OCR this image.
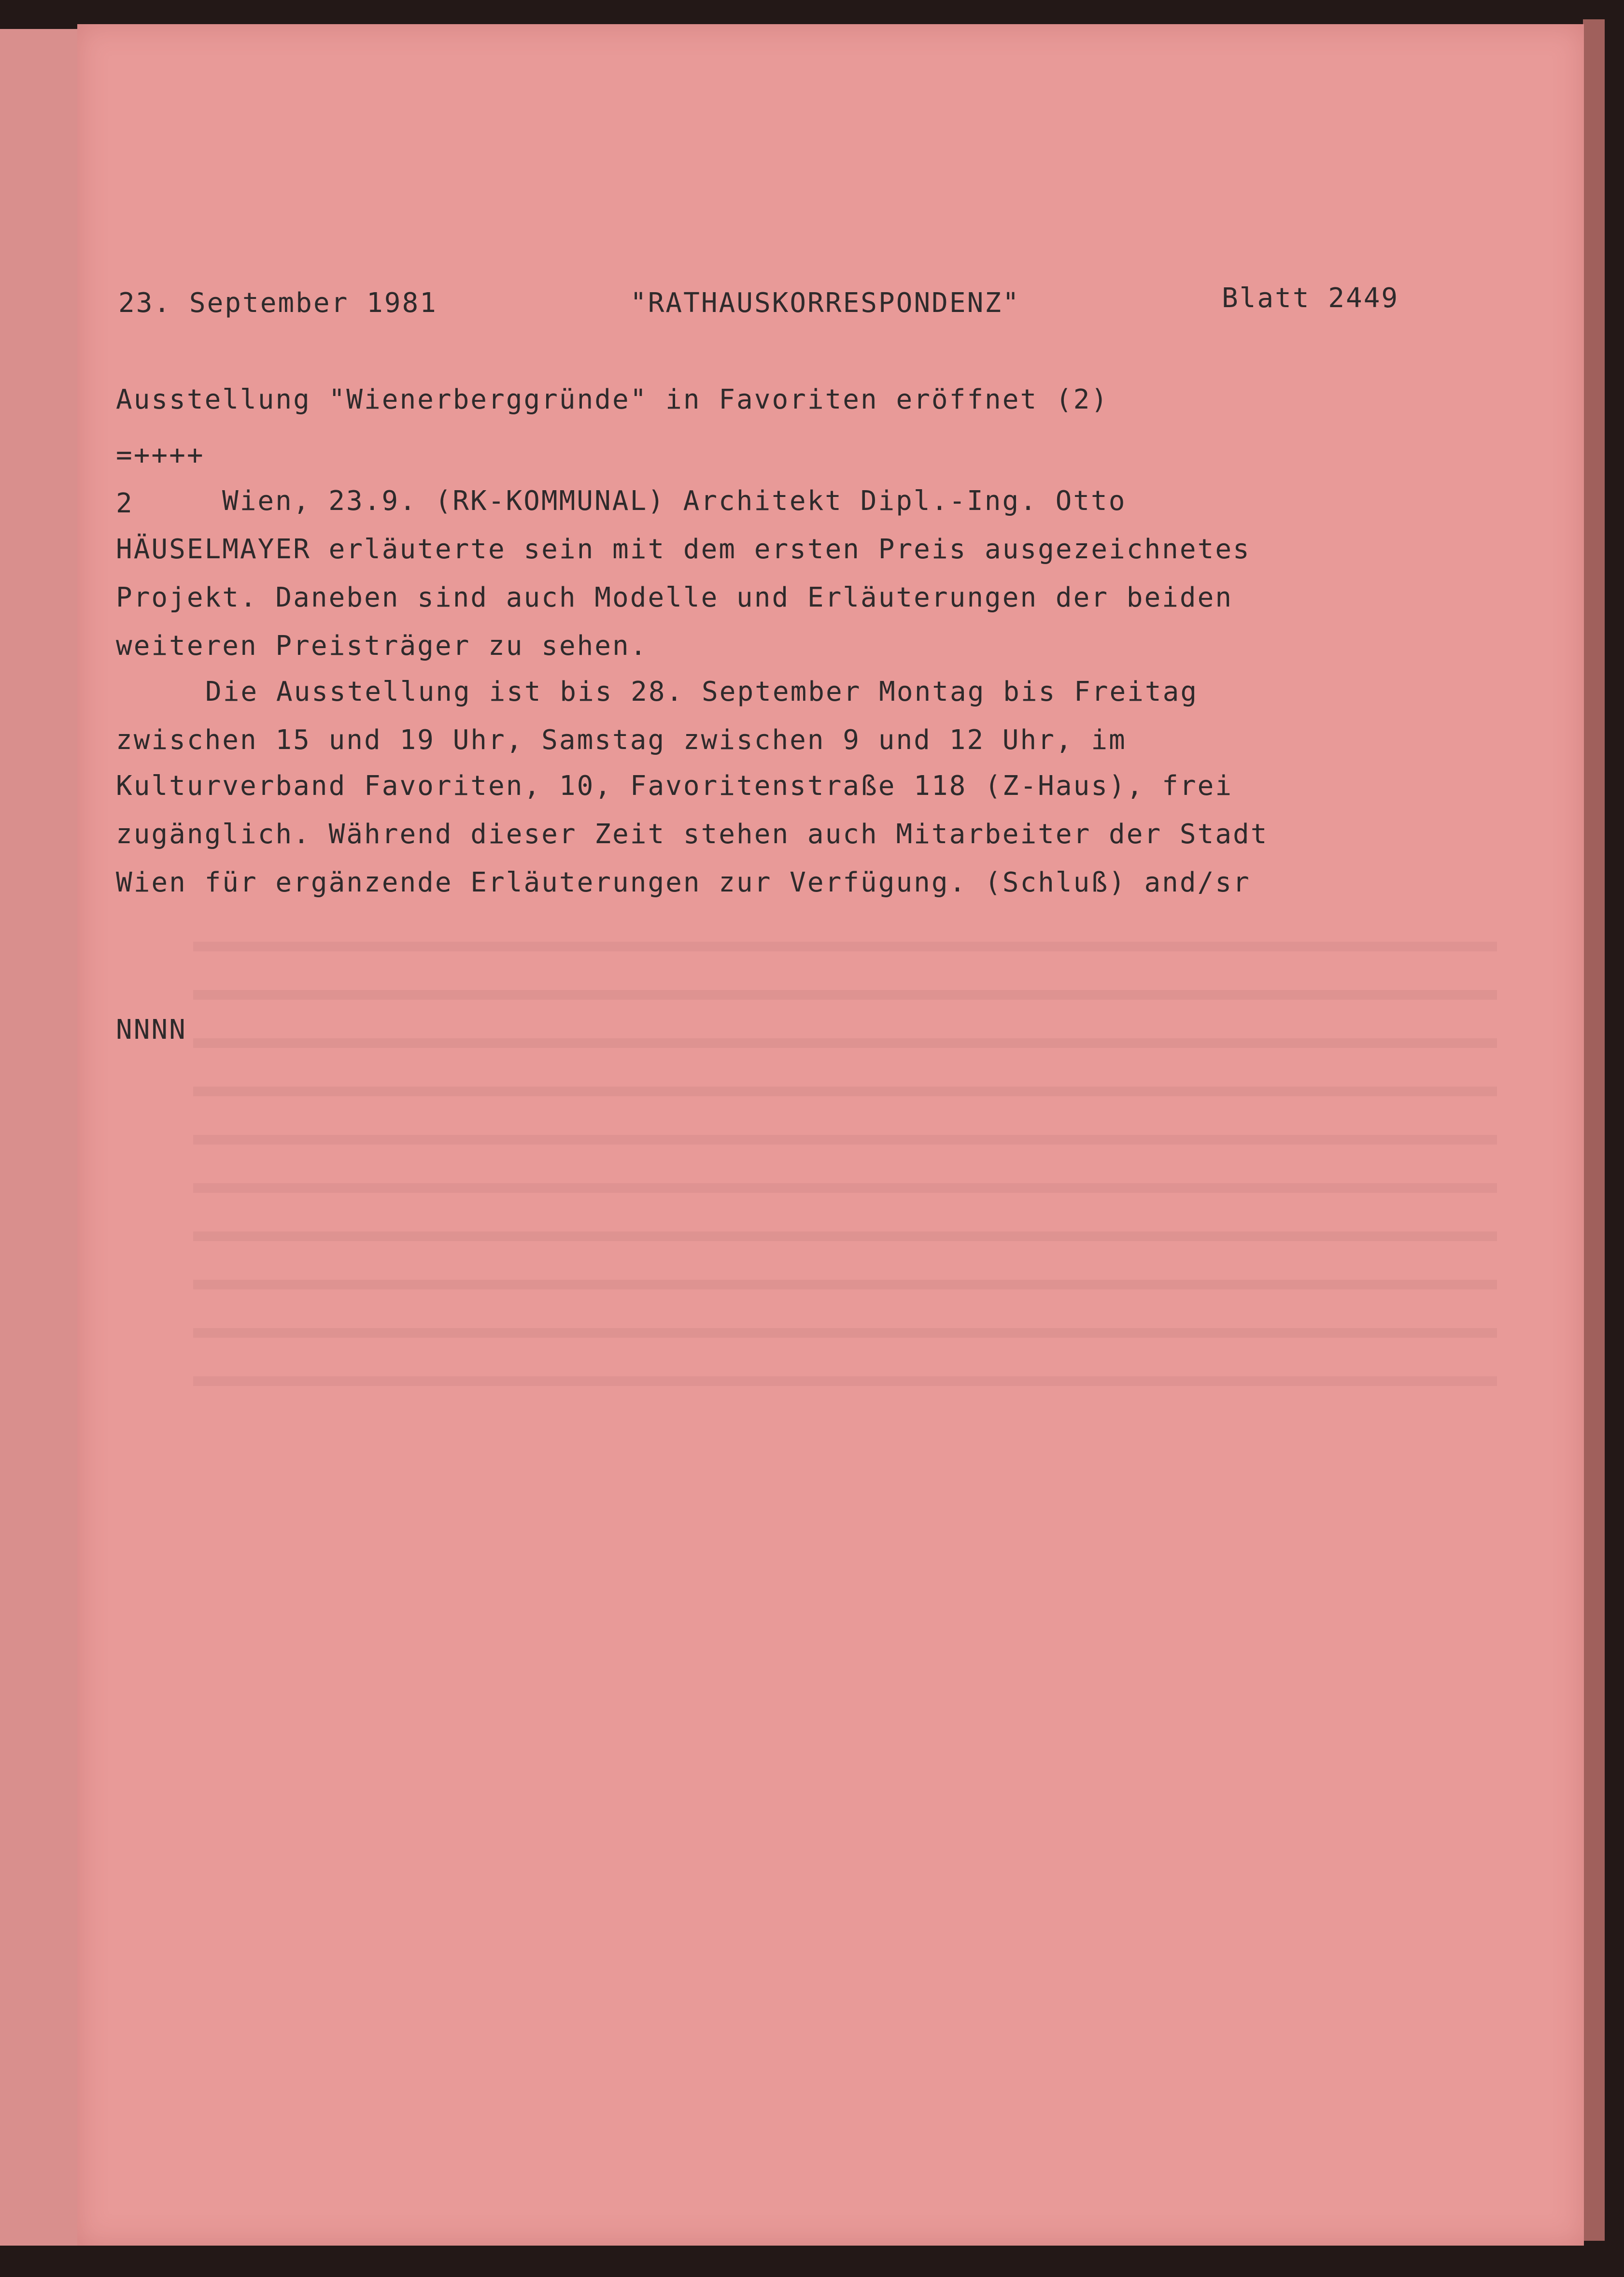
23. September 1981	"RATHAUSKORRESPONDENZ"	Blatt 2449

Ausstellung "Wienerberggründe" in Favoriten eröffnet (2)

=++++

2	Wien, 23.9. (RK-KOMMUNAL) Architekt Dipl.-Ing. Otto

HÄUSELMAYER erläuterte sein mit dem ersten Preis ausgezeichnetes

Projekt. Daneben sind auch Modelle und Erläuterungen der beiden

weiteren Preisträger zu sehen.

Die Ausstellung ist bis 28. September Montag bis Freitag

zwischen 15 und 19 Uhr, Samstag zwischen 9 und 12 Uhr, im

Kulturverband Favoriten, 10, Favoritenstraße 118 (Z-Haus), frei

zugänglich. Während dieser Zeit stehen auch Mitarbeiter der Stadt

Wien für ergänzende Erläuterungen zur Verfügung. (Schluß) and/sr

NNNN
